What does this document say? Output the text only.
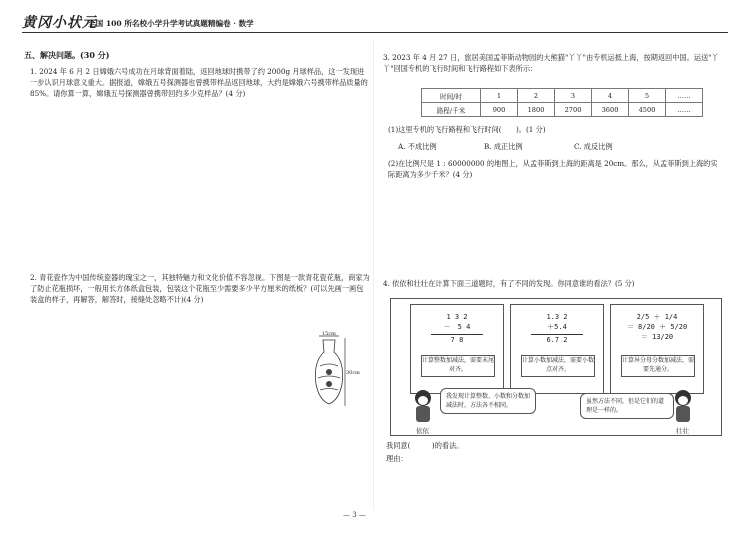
黄冈小状元
全国 100 所名校小学升学考试真题精编卷 · 数学
五、解决问题。(30 分)
1. 2024 年 6 月 2 日嫦娥六号成功在月球背面着陆，返回地球时携带了约 2000g 月球样品，这一发现进一步认识月球意义重大。据报道，嫦娥五号探测器也曾携带样品返回地球，大约是嫦娥六号携带样品质量的 85%。请你算一算，嫦娥五号探测器曾携带回约多少克样品？(4 分)
2. 青花瓷作为中国传统瓷器的瑰宝之一，其独特魅力和文化价值不容忽视。下图是一款青花瓷花瓶，商家为了防止花瓶损坏，一般用长方体纸盒包装，包装这个花瓶至少需要多少平方厘米的纸板？(可以先画一画包装盒的样子，再解答，解答时，接缝处忽略不计)(4 分)
15cm
30cm
3. 2023 年 4 月 27 日，旅居美国孟菲斯动物园的大熊猫"丫丫"由专机运抵上海，按期返回中国。运送"丫丫"回国专机的飞行时间和飞行路程如下表所示：
时间/时	1	2	3	4	5	……
路程/千米	900	1800	2700	3600	4500	……
(1)这里专机的飞行路程和飞行时间(　　)。(1 分)
A. 不成比例	B. 成正比例	C. 成反比例
(2)在比例尺是 1 : 60000000 的地图上，从孟菲斯到上海的距离是 20cm。那么，从孟菲斯到上海的实际距离为多少千米？(4 分)
4. 依依和壮壮在计算下面三道题时，有了不同的发现。你同意谁的看法？(5 分)
1 3 2
－　5 4
7 8
计算整数加减法，需要末尾对齐。
1.3 2
＋5.4
6.7 2
计算小数加减法，需要小数点对齐。
2/5 ＋ 1/4
＝ 8/20 ＋ 5/20
＝ 13/20
计算异分母分数加减法，需要先通分。
我发现计算整数、小数和分数加减法时，方法各不相同。
依依
虽然方法不同，但是它们的道理是一样的。
壮壮
我同意(　　　)的看法。
理由：
— 3 —
